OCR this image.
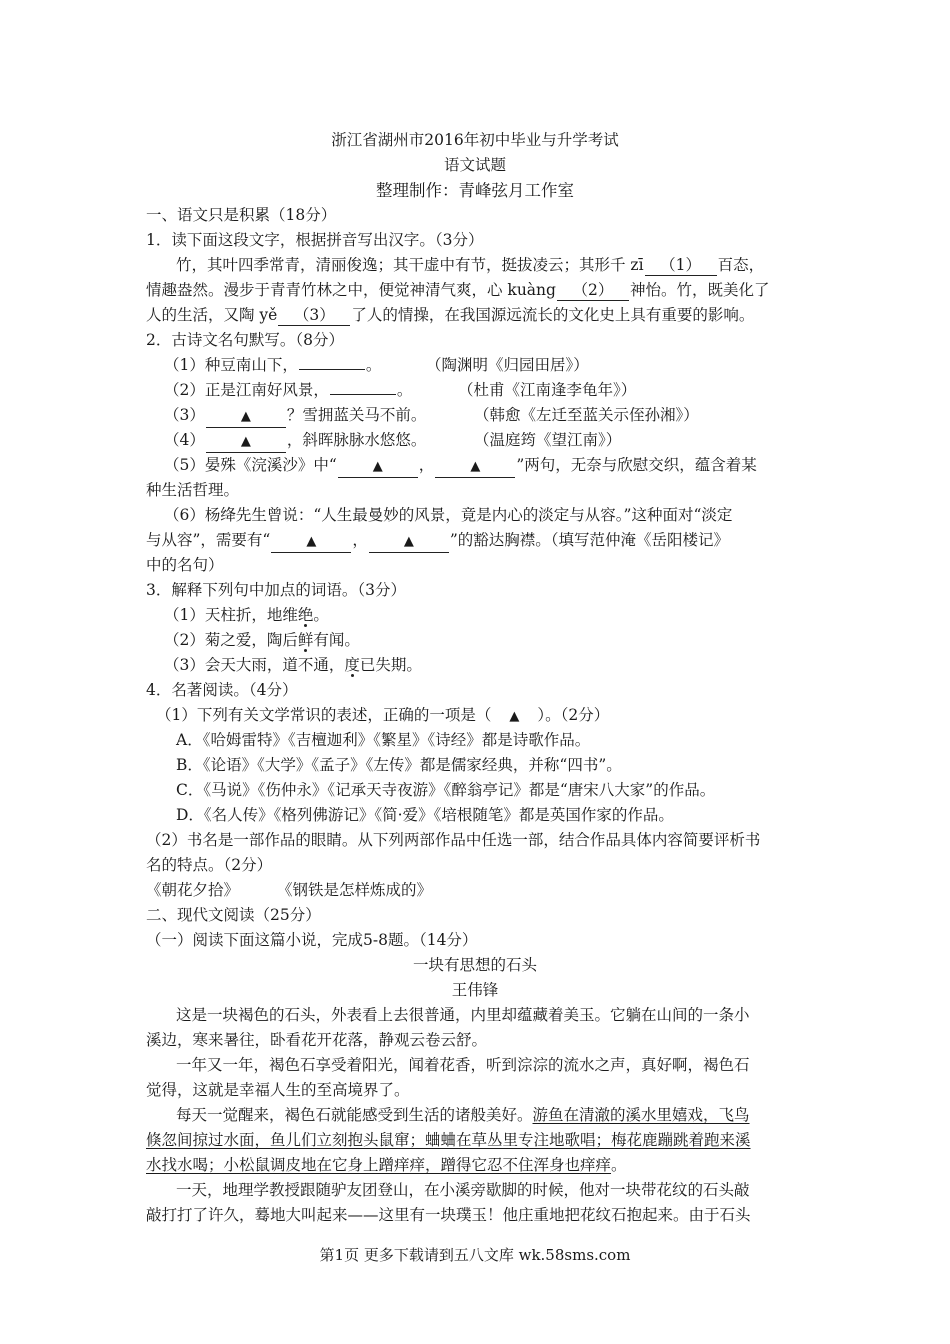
浙江省湖州市2016年初中毕业与升学考试
语文试题
整理制作：青峰弦月工作室
一、语文只是积累（18分）
1．读下面这段文字，根据拼音写出汉字。（3分）
竹，其叶四季常青，清丽俊逸；其干虚中有节，挺拔凌云；其形千 zī （1） 百态，
情趣盎然。漫步于青青竹林之中，便觉神清气爽，心 kuàng （2） 神怡。竹，既美化了
人的生活，又陶 yě （3） 了人的情操，在我国源远流长的文化史上具有重要的影响。
2．古诗文名句默写。（8分）
（1）种豆南山下，	。	（陶渊明《归园田居》）
（2）正是江南好风景，	。	（杜甫《江南逢李龟年》）
（3）	▲ ？雪拥蓝关马不前。	（韩愈《左迁至蓝关示侄孙湘》）
（4）	▲ ，斜晖脉脉水悠悠。	（温庭筠《望江南》）
（5）晏殊《浣溪沙》中“	▲ ，	▲ ”两句，无奈与欣慰交织，蕴含着某
种生活哲理。
（6）杨绛先生曾说：“人生最曼妙的风景，竟是内心的淡定与从容。”这种面对“淡定
与从容”，需要有“	▲ ，	▲ ”的豁达胸襟。（填写范仲淹《岳阳楼记》
中的名句）
3．解释下列句中加点的词语。（3分）
（1）天柱折，地维绝。
（2）菊之爱，陶后鲜有闻。
（3）会天大雨，道不通，度已失期。
4．名著阅读。（4分）
（1）下列有关文学常识的表述，正确的一项是（ ▲ ）。（2分）
A．《哈姆雷特》《吉檀迦利》《繁星》《诗经》都是诗歌作品。
B．《论语》《大学》《孟子》《左传》都是儒家经典，并称“四书”。
C．《马说》《伤仲永》《记承天寺夜游》《醉翁亭记》都是“唐宋八大家”的作品。
D．《名人传》《格列佛游记》《简·爱》《培根随笔》都是英国作家的作品。
（2）书名是一部作品的眼睛。从下列两部作品中任选一部，结合作品具体内容简要评析书
名的特点。（2分）
《朝花夕拾》 《钢铁是怎样炼成的》
二、现代文阅读（25分）
（一）阅读下面这篇小说，完成5-8题。（14分）
一块有思想的石头
王伟锋
这是一块褐色的石头，外表看上去很普通，内里却蕴藏着美玉。它躺在山间的一条小
溪边，寒来暑往，卧看花开花落，静观云卷云舒。
一年又一年，褐色石享受着阳光，闻着花香，听到淙淙的流水之声，真好啊，褐色石
觉得，这就是幸福人生的至高境界了。
每天一觉醒来，褐色石就能感受到生活的诸般美好。游鱼在清澈的溪水里嬉戏，飞鸟
倏忽间掠过水面，鱼儿们立刻抱头鼠窜；蛐蛐在草丛里专注地歌唱；梅花鹿蹦跳着跑来溪
水找水喝；小松鼠调皮地在它身上蹭痒痒，蹭得它忍不住浑身也痒痒。
一天，地理学教授跟随驴友团登山，在小溪旁歇脚的时候，他对一块带花纹的石头敲
敲打打了许久，蓦地大叫起来——这里有一块璞玉！他庄重地把花纹石抱起来。由于石头
第1页 更多下载请到五八文库 wk.58sms.com
